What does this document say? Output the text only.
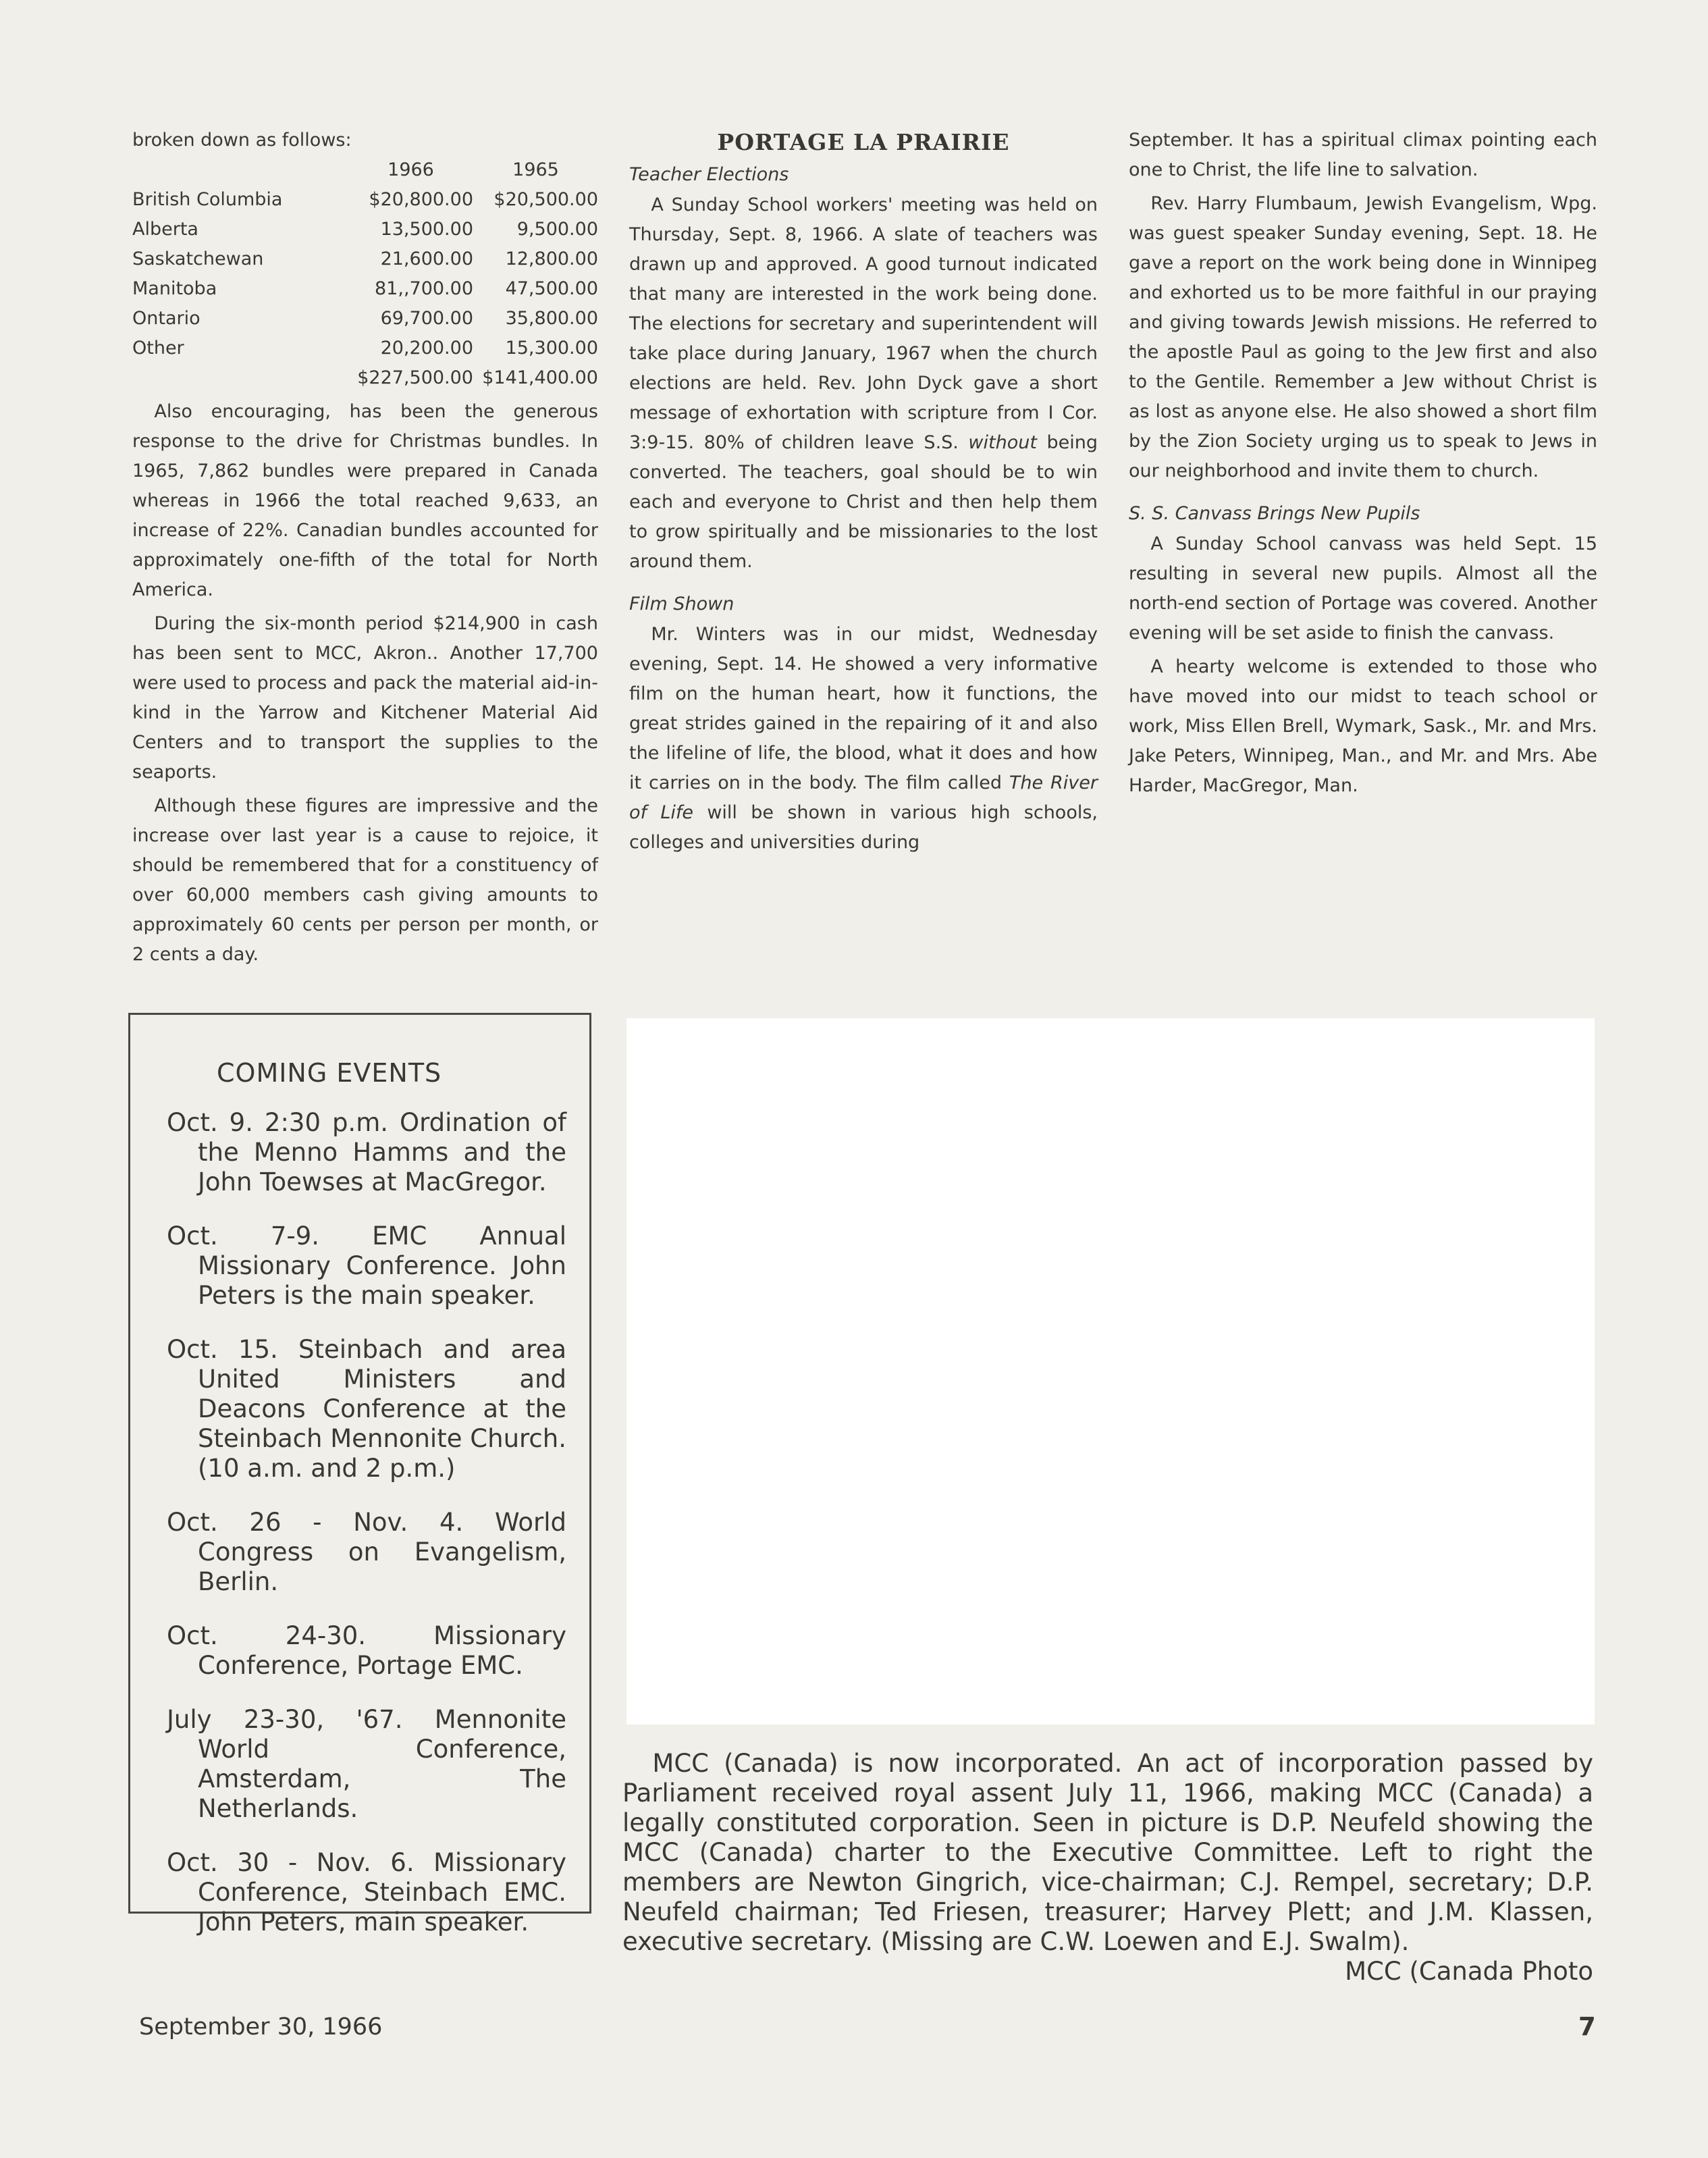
broken down as follows:

	1966	1965
British Columbia	$20,800.00	$20,500.00
Alberta	13,500.00	9,500.00
Saskatchewan	21,600.00	12,800.00
Manitoba	81,,700.00	47,500.00
Ontario	69,700.00	35,800.00
Other	20,200.00	15,300.00
	$227,500.00	$141,400.00

Also encouraging, has been the generous response to the drive for Christmas bundles. In 1965, 7,862 bundles were prepared in Canada whereas in 1966 the total reached 9,633, an increase of 22%. Canadian bundles accounted for approximately one-fifth of the total for North America.

During the six-month period $214,900 in cash has been sent to MCC, Akron.. Another 17,700 were used to process and pack the material aid-in-kind in the Yarrow and Kitchener Material Aid Centers and to transport the supplies to the seaports.

Although these figures are impressive and the increase over last year is a cause to rejoice, it should be remembered that for a constituency of over 60,000 members cash giving amounts to approximately 60 cents per person per month, or 2 cents a day.

PORTAGE LA PRAIRIE

Teacher Elections

A Sunday School workers' meeting was held on Thursday, Sept. 8, 1966. A slate of teachers was drawn up and approved. A good turnout indicated that many are interested in the work being done. The elections for secretary and superintendent will take place during January, 1967 when the church elections are held. Rev. John Dyck gave a short message of exhortation with scripture from I Cor. 3:9-15. 80% of children leave S.S. without being converted. The teachers, goal should be to win each and everyone to Christ and then help them to grow spiritually and be missionaries to the lost around them.

Film Shown

Mr. Winters was in our midst, Wednesday evening, Sept. 14. He showed a very informative film on the human heart, how it functions, the great strides gained in the repairing of it and also the lifeline of life, the blood, what it does and how it carries on in the body. The film called The River of Life will be shown in various high schools, colleges and universities during

September. It has a spiritual climax pointing each one to Christ, the life line to salvation.

Rev. Harry Flumbaum, Jewish Evangelism, Wpg. was guest speaker Sunday evening, Sept. 18. He gave a report on the work being done in Winnipeg and exhorted us to be more faithful in our praying and giving towards Jewish missions. He referred to the apostle Paul as going to the Jew first and also to the Gentile. Remember a Jew without Christ is as lost as anyone else. He also showed a short film by the Zion Society urging us to speak to Jews in our neighborhood and invite them to church.

S. S. Canvass Brings New Pupils

A Sunday School canvass was held Sept. 15 resulting in several new pupils. Almost all the north-end section of Portage was covered. Another evening will be set aside to finish the canvass.

A hearty welcome is extended to those who have moved into our midst to teach school or work, Miss Ellen Brell, Wymark, Sask., Mr. and Mrs. Jake Peters, Winnipeg, Man., and Mr. and Mrs. Abe Harder, MacGregor, Man.

COMING EVENTS
Oct. 9. 2:30 p.m. Ordination of the Menno Hamms and the John Toewses at MacGregor.
Oct. 7-9. EMC Annual Missionary Conference. John Peters is the main speaker.
Oct. 15. Steinbach and area United Ministers and Deacons Conference at the Steinbach Mennonite Church. (10 a.m. and 2 p.m.)
Oct. 26 - Nov. 4. World Congress on Evangelism, Berlin.
Oct. 24-30. Missionary Conference, Portage EMC.
July 23-30, '67. Mennonite World Conference, Amsterdam, The Netherlands.
Oct. 30 - Nov. 6. Missionary Conference, Steinbach EMC. John Peters, main speaker.

MCC (Canada) is now incorporated. An act of incorporation passed by Parliament received royal assent July 11, 1966, making MCC (Canada) a legally constituted corporation. Seen in picture is D.P. Neufeld showing the MCC (Canada) charter to the Executive Committee. Left to right the members are Newton Gingrich, vice-chairman; C.J. Rempel, secretary; D.P. Neufeld chairman; Ted Friesen, treasurer; Harvey Plett; and J.M. Klassen, executive secretary. (Missing are C.W. Loewen and E.J. Swalm).

MCC (Canada Photo

September 30, 1966	7
